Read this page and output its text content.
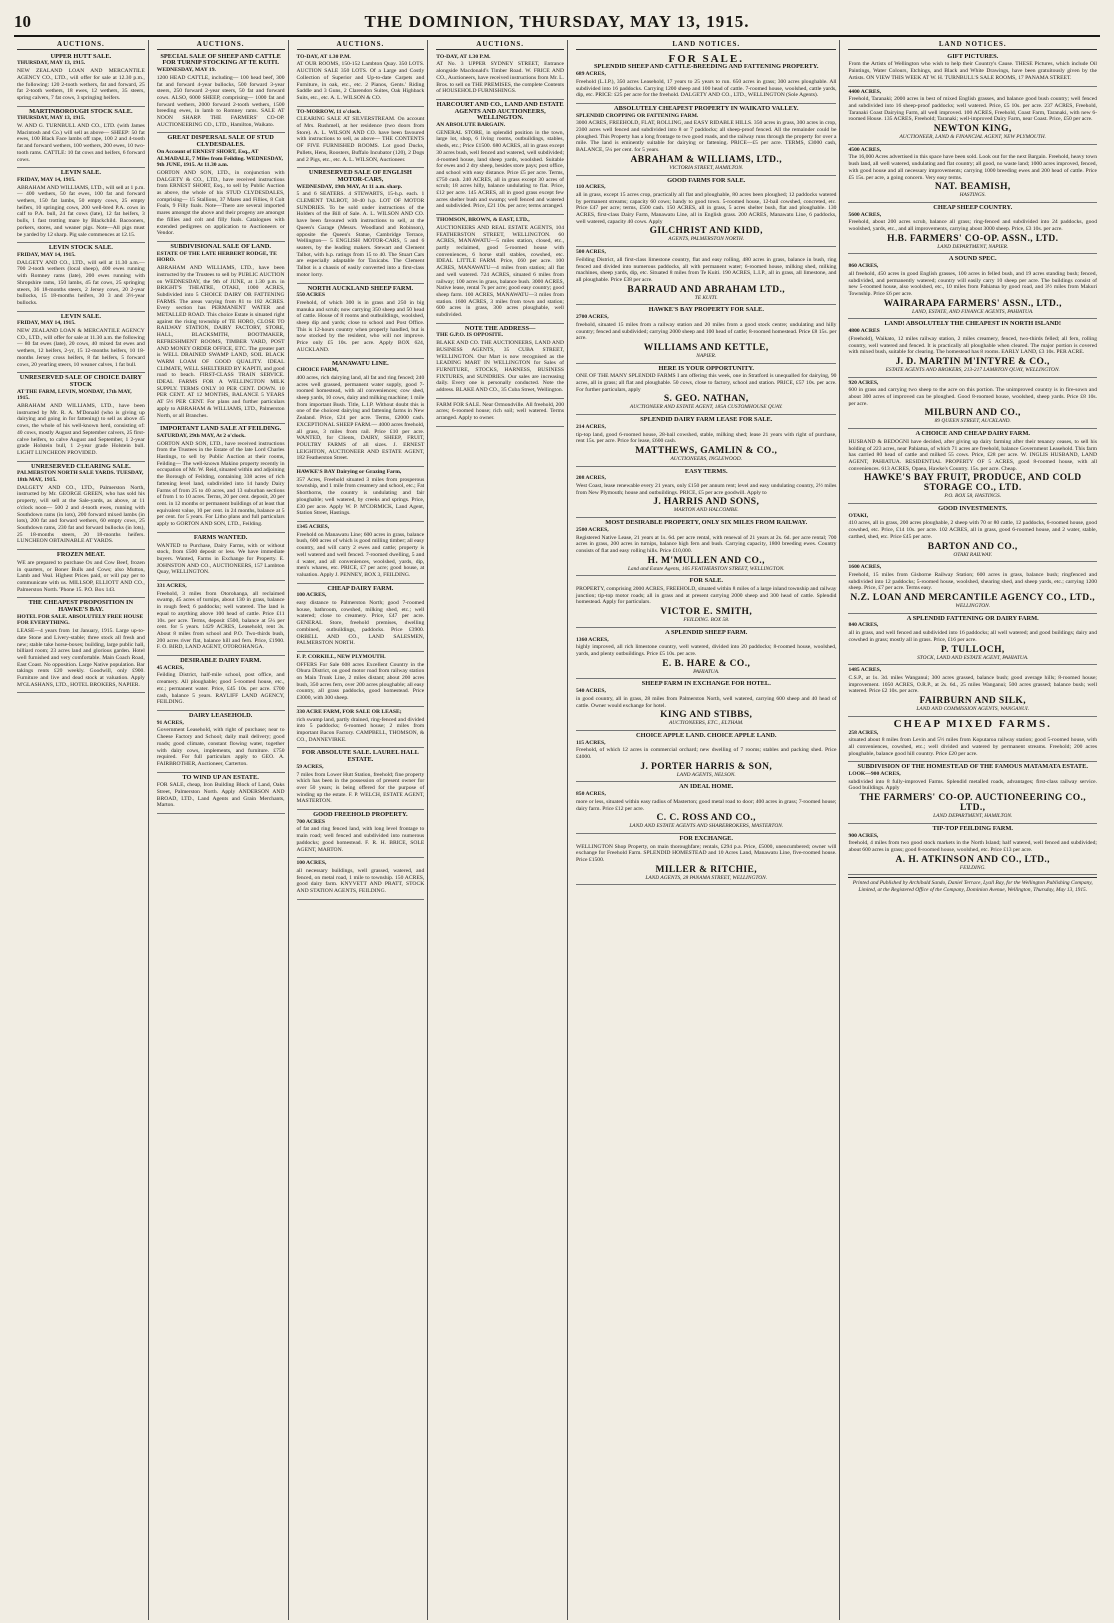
10	THE DOMINION, THURSDAY, MAY 13, 1915.
AUCTIONS.
UPPER HUTT SALE.
THURSDAY, MAY 13, 1915.
NEW ZEALAND LOAN AND MERCANTILE AGENCY CO., LTD., will offer for sale at 12.30 p.m., the following: 120 2-tooth wethers, fat and forward, 25 fat 2-tooth wethers, 18 ewes, 12 wethers, 35 steers, spring calvers, 7 fat cows, 3 springing heifers.
MARTINBOROUGH STOCK SALE.
THURSDAY, MAY 13, 1915.
W. AND G. TURNBULL AND CO., LTD. (with James Macintosh and Co.) will sell as above— SHEEP: 50 fat ewes, 100 Black Face lambs off rape, 100 2 and 4-tooth fat and forward wethers, 100 wethers, 200 ewes, 10 two-tooth rams. CATTLE: 10 fat cows and heifers, 6 forward cows.
LEVIN SALE.
FRIDAY, MAY 14, 1915.
ABRAHAM AND WILLIAMS, LTD., will sell at 1 p.m.— 400 wethers, 50 fat ewes, 100 fat and forward wethers, 150 fat lambs, 50 empty cows, 25 empty heifers, 10 springing cows, 200 well-bred P.A. cows in calf to P.A. bull, 24 fat cows (late), 12 fat heifers, 3 bulls, 1 fast trotting mare by Blackchild. Bacooners, porkers, stores, and weaner pigs. Note—All pigs must be yarded by 12 sharp. Pig sale commences at 12.15.
LEVIN STOCK SALE.
FRIDAY, MAY 14, 1915.
DALGETY AND CO., LTD., will sell at 11.30 a.m.— 700 2-tooth wethers (local sheep), 400 ewes running with Romney rams (late), 200 ewes running with Shropshire rams, 150 lambs, 45 fat cows, 25 springing steers, 36 18-months steers, 2 Jersey cows, 20 2-year bullocks, 15 18-months heifers, 30 3 and 3½-year bullocks.
LEVIN SALE.
FRIDAY, MAY 14, 1915.
NEW ZEALAND LOAN & MERCANTILE AGENCY CO., LTD., will offer for sale at 11.30 a.m. the following— 80 fat ewes (late), 20 cows, 40 mixed fat ewes and wethers, 12 heifers, 2-yr, 15 12-months heifers, 10 18-months Jersey cross heifers, 8 fat heifers, 5 forward cows, 20 yearling steers, 10 weaner calves, 1 fat bull.
UNRESERVED SALE OF CHOICE DAIRY STOCK
AT THE FARM, LEVIN, MONDAY, 17th MAY, 1915.
ABRAHAM AND WILLIAMS, LTD., have been instructed by Mr. R. A. M'Donald (who is giving up dairying and going in for fattening) to sell as above 45 cows, the whole of his well-known herd, consisting of: 40 cows, mostly August and September calvers, 25 first-calve heifers, to calve August and September, 1 2-year grade Holstein bull, 1 2-year grade Holstein bull. LIGHT LUNCHEON PROVIDED.
UNRESERVED CLEARING SALE.
PALMERSTON NORTH SALE YARDS. TUESDAY, 18th MAY, 1915.
DALGETY AND CO., LTD., Palmerston North, instructed by Mr. GEORGE GREEN, who has sold his property, will sell at the Sale-yards, as above, at 11 o'clock noon— 500 2 and 4-tooth ewes, running with Southdown rams (in lots), 200 forward mixed lambs (in lots), 200 fat and forward wethers, 60 empty cows, 25 Southdown rams, 230 fat and forward bullocks (in lots), 25 18-months steers, 20 18-months heifers. LUNCHEON OBTAINABLE AT YARDS.
FROZEN MEAT.
WE are prepared to purchase Ox and Cow Beef, frozen in quarters, or Boner Bulls and Cows; also Mutton, Lamb and Veal. Highest Prices paid, or will pay per to communicate with us. MILLSOP, ELLIOTT AND CO., Palmerston North. 'Phone 15. P.O. Box 143.
THE CHEAPEST PROPOSITION IN HAWKE'S BAY.
HOTEL FOR SALE. ABSOLUTELY FREE HOUSE FOR EVERYTHING.
LEASE—4 years from 1st January, 1915. Large up-to-date Stone and Livery-stable; three stock all fresh and new; stable take horse-boxes; building, large public hall, billiard room; 23 acres land and glorious garden. Hotel well furnished and very comfortable. Main Coach Road, East Coast. No opposition. Large Native population. Bar takings rents £20 weekly. Goodwill, only £900. Furniture and live and dead stock at valuation. Apply M'GLASHANS, LTD., HOTEL BROKERS, NAPIER.
AUCTIONS.
SPECIAL SALE OF SHEEP AND CATTLE FOR TURNIP STOCKING AT TE KUITI.
WEDNESDAY, MAY 19.
1200 HEAD CATTLE, including— 100 head beef, 300 fat and forward 4-year bullocks, 500 forward 3-year steers, 250 forward 2-year steers, 50 fat and forward cows. ALSO, 6000 SHEEP, comprising— 1000 fat and forward wethers, 2000 forward 2-tooth wethers, 1500 breeding ewes, in lamb to Romney rams. SALE AT NOON SHARP. THE FARMERS' CO-OP. AUCTIONEERING CO., LTD., Hamilton, Waikato.
GREAT DISPERSAL SALE OF STUD CLYDESDALES.
On Account of ERNEST SHORT, Esq., AT ALMADALE, 7 Miles from Feilding. WEDNESDAY, 9th JUNE, 1915. At 11.30 a.m.
GORTON AND SON, LTD., in conjunction with DALGETY & CO., LTD., have received instructions from ERNEST SHORT, Esq., to sell by Public Auction as above, the whole of his STUD CLYDESDALES, comprising— 15 Stallions, 37 Mares and Fillies, 8 Colt Foals, 9 Filly foals. Note—There are several imported mares amongst the above and their progeny are amongst the fillies and colt and filly foals. Catalogues with extended pedigrees on application to Auctioneers or Vendor.
SUBDIVISIONAL SALE OF LAND.
ESTATE OF THE LATE HERBERT RODGE, TE HORO.
ABRAHAM AND WILLIAMS, LTD., have been instructed by the Trustees to sell by PUBLIC AUCTION on WEDNESDAY, the 9th of JUNE, at 1.30 p.m. in BRIGHT'S THEATRE, OTAKI, 1000 ACRES, Subdivided into 5 CHOICE DAIRY OR FATTENING FARMS. The areas varying from 81 to 182 ACRES. Every section has PERMANENT WATER and METALLED ROAD. This choice Estate is situated right against the rising township of TE HORO, CLOSE TO RAILWAY STATION, DAIRY FACTORY, STORE, HALL, BLACKSMITH, BOOTMAKER, REFRESHMENT ROOMS, TIMBER YARD, POST AND MONEY ORDER OFFICE, ETC. The greater part is WELL DRAINED SWAMP LAND, SOIL BLACK WARM LOAM OF GOOD QUALITY. IDEAL CLIMATE, WELL SHELTERED BY KAPITI, and good road to beach. FIRST-CLASS TRAIN SERVICE. IDEAL FARMS FOR A WELLINGTON MILK SUPPLY. TERMS ONLY 10 PER CENT. DOWN. 10 PER CENT. AT 12 MONTHS, BALANCE 5 YEARS AT 5½ PER CENT. For plans and further particulars apply to ABRAHAM & WILLIAMS, LTD., Palmerston North, or all Branches.
IMPORTANT LAND SALE AT FEILDING.
SATURDAY, 29th MAY, At 2 o'clock.
GORTON AND SON, LTD., have received instructions from the Trustees in the Estate of the late Lord Charles Hastings, to sell by Public Auction at their rooms, Feilding— The well-known Makino property recently in occupation of Mr. W. Reid, situated within and adjoining the Borough of Feilding, containing 338 acres of rich fattening level land, subdivided into 14 handy Dairy Farms of from 25 to 40 acres, and 13 suburban sections of from 1 to 10 acres. Terms, 20 per cent. deposit, 20 per cent. in 12 months or permanent buildings of at least that equivalent value, 10 per cent. in 24 months, balance at 5 per cent. for 5 years. For Litho plans and full particulars apply to GORTON AND SON, LTD., Feilding.
FARMS WANTED.
WANTED to Purchase, Dairy Farms, with or without stock, from £500 deposit or less. We have immediate buyers. Wanted, Farms in Exchange for Property. E. JOHNSTON AND CO., AUCTIONEERS, 157 Lambton Quay, WELLINGTON.
331 ACRES,
Freehold, 3 miles from Otorohanga, all reclaimed swamp, 45 acres of turnips, about 130 in grass, balance in rough feed; 6 paddocks; well watered. The land is equal to anything above 100 head of cattle. Price £11 10s. per acre. Terms, deposit £500, balance at 5¼ per cent. for 5 years. 1429 ACRES, Leasehold, rent 3s. About 8 miles from school and P.O. Two-thirds bush, 200 acres river flat, balance hill and fern. Price, £1900. F. O. BIRD, LAND AGENT, OTOROHANGA.
DESIRABLE DAIRY FARM.
45 ACRES,
Feilding District, half-mile school, post office, and creamery. All ploughable; good 5-roomed house, etc., etc.; permanent water. Price, £45 10s. per acre. £700 cash, balance 5 years. RAYLIFF LAND AGENCY, FEILDING.
DAIRY LEASEHOLD.
91 ACRES,
Government Leasehold, with right of purchase; near to Cheese Factory and School; daily mail delivery; good roads; good climate, constant flowing water, together with dairy cows, implements, and furniture. £750 required. For full particulars apply to GEO. A. FAIRBROTHER, Auctioneer, Carterton.
TO WIND UP AN ESTATE.
FOR SALE, cheap, Iron Building Block of Land, Oaks Street, Palmerston North. Apply ANDERSON AND BROAD, LTD., Land Agents and Grain Merchants, Marton.
AUCTIONS.
TO-DAY, AT 1.30 P.M.
AT OUR ROOMS, 150-152 Lambton Quay. 350 LOTS. AUCTION SALE 350 LOTS. Of a Large and Costly Collection of Superior and Up-to-date Carpets and Furniture, in oak, etc., etc. 2 Pianos, Gents.' Riding Saddle and 3 Guns, 2 Clarendon Suites, Oak Highback Suits, etc., etc. A. L. WILSON & CO.
TO-MORROW, 11 o'clock.
CLEARING SALE AT SILVERSTREAM. On account of Mrs. Rushmell, at her residence (two doors from Store). A. L. WILSON AND CO. have been favoured with instructions to sell, as above— THE CONTENTS OF FIVE FURNISHED ROOMS. Lot good Ducks, Pullets, Hens, Roosters, Buffalo Incubator (120), 2 Dogs and 2 Pigs, etc., etc. A. L. WILSON, Auctioneer.
UNRESERVED SALE OF ENGLISH MOTOR-CARS,
WEDNESDAY, 19th MAY, At 11 a.m. sharp.
5 and 6 SEATERS. 4 STEWARTS, 15-h.p. each. 1 CLEMENT TALBOT, 30-40 h.p. LOT OF MOTOR SUNDRIES. To be sold under instructions of the Holders of the Bill of Sale. A. L. WILSON AND CO. have been favoured with instructions to sell, at the Queen's Garage (Messrs. Woodland and Robinson), opposite the Queen's Statue, Cambridge Terrace, Wellington— 5 ENGLISH MOTOR-CARS, 5 and 6 seaters, by the leading makers. Stewart and Clement Talbot, with h.p. ratings from 15 to 40. The Stuart Cars are especially adaptable for Taxicabs. The Clement Talbot is a chassis of easily converted into a first-class motor lorry.
NORTH AUCKLAND SHEEP FARM.
550 ACRES
Freehold, of which 300 is in grass and 250 in big manuka and scrub; now carrying 350 sheep and 50 head of cattle. House of 8 rooms and outbuildings, woolshed, sheep dip and yards; close to school and Post Office. This is 12-hours country when properly handled, but is now stocked by the resident, who will not improve. Price only £5 10s. per acre. Apply BOX 624, AUCKLAND.
MANAWATU LINE.
CHOICE FARM,
400 acres, rich dairying land, all fat and ring fenced; 240 acres well grassed, permanent water supply, good 7-roomed homestead, with all conveniences; cow shed, sheep yards, 10 cows, dairy and milking machine; 1 mile from important Bush. Title, L.I.P. Without doubt this is one of the choicest dairying and fattening farms in New Zealand. Price, £24 per acre. Terms, £2000 cash. EXCEPTIONAL SHEEP FARM.— 4000 acres freehold, all grass, 3 miles from rail. Price £10 per acre. WANTED, for Clients, DAIRY, SHEEP, FRUIT, POULTRY FARMS of all sizes. J. ERNEST LEIGHTON, AUCTIONEER AND ESTATE AGENT, 182 Featherston Street.
HAWKE'S BAY Dairying or Grazing Farm,
357 Acres, Freehold situated 3 miles from prosperous township, and 1 mile from creamery and school, etc.; Fat Shorthorns, the country is undulating and fair ploughable; well watered, by creeks and springs. Price, £30 per acre. Apply W. P. M'CORMICK, Land Agent, Station Street, Hastings.
1345 ACRES,
Freehold on Manawatu Line; 600 acres in grass, balance bush, 600 acres of which is good milling timber; all easy country, and will carry 2 ewes and cattle; property is well watered and well fenced. 7-roomed dwelling, 5 and 4 water, and all conveniences, woolshed, yards, dip, men's whares, etc. PRICE, £7 per acre; good house, at valuation. Apply J. PENNEY, BOX 3, FEILDING.
CHEAP DAIRY FARM.
100 ACRES,
easy distance to Palmerston North; good 7-roomed house, bathroom, cowshed, milking shed, etc.; well watered; close to creamery. Price, £47 per acre. GENERAL Store, freehold premises, dwelling combined, outbuildings, paddocks. Price £3900. ORBELL AND CO., LAND SALESMEN, PALMERSTON NORTH.
F. P. CORKILL, NEW PLYMOUTH.
OFFERS For Sale 608 acres Excellent Country in the Ohura District, on good motor road from railway station on Main Trunk Line, 2 miles distant; about 200 acres bush, 350 acres fern, over 200 acres ploughable; all easy country, all grass paddocks, good homestead. Price £3000, with 300 sheep.
330 ACRE FARM, FOR SALE OR LEASE;
rich swamp land, partly drained, ring-fenced and divided into 5 paddocks; 6-roomed house; 2 miles from important Bacon Factory. CAMPBELL, THOMSON, & CO., DANNEVIRKE.
FOR ABSOLUTE SALE. LAUREL HALL ESTATE.
59 ACRES,
7 miles from Lower Hutt Station, freehold; fine property which has been in the possession of present owner for over 50 years; is being offered for the purpose of winding up the estate. F. P. WELCH, ESTATE AGENT, MASTERTON.
GOOD FREEHOLD PROPERTY.
700 ACRES
of fat and ring fenced land, with long level frontage to main road; well fenced and subdivided into numerous paddocks; good homestead. F. R. H. BRICE, SOLE AGENT, MARTON.
100 ACRES,
all necessary buildings, well grassed, watered, and fenced, on metal road, 1 mile to township. 150 ACRES, good dairy farm. KNYVETT AND PRATT, STOCK AND STATION AGENTS, FEILDING.
AUCTIONS.
TO-DAY, AT 1.30 P.M.
AT No. 3 UPPER SYDNEY STREET, Entrance alongside Macdonald's Timber Road. W. FRICE AND CO., Auctioneers, have received instructions from Mr. L. Bros. to sell on THE PREMISES, the complete Contents of HOUSEHOLD FURNISHINGS.
HARCOURT AND CO., LAND AND ESTATE AGENTS AND AUCTIONEERS, WELLINGTON.
AN ABSOLUTE BARGAIN.
GENERAL STORE, in splendid position in the town, large lot, shop, 6 living rooms, outbuildings, stables, sheds, etc.; Price £1500. 680 ACRES, all in grass except 30 acres bush, well fenced and watered, well subdivided; 4-roomed house, land sheep yards, woolshed. Suitable for ewes and 2 dry sheep, besides store pays; post office, and school with easy distance. Price £5 per acre. Terms, £750 cash. 240 ACRES, all in grass except 30 acres of scrub; 18 acres hilly, balance undulating to flat. Price, £12 per acre. 145 ACRES, all in good grass except few acres shelter bush and swamp; well fenced and watered and subdivided. Price, £21 10s. per acre; terms arranged.
THOMSON, BROWN, & EAST, LTD.,
AUCTIONEERS AND REAL ESTATE AGENTS, 104 FEATHERSTON STREET, WELLINGTON. 60 ACRES, MANAWATU—5 miles station, closed, etc., partly reclaimed, good 5-roomed house with conveniences, 6 horse stall stables, cowshed, etc. IDEAL LITTLE FARM. Price, £60 per acre. 100 ACRES, MANAWATU—4 miles from station; all flat and well watered. 724 ACRES, situated 6 miles from railway; 100 acres in grass, balance bush. 3000 ACRES, Native lease, rental 7s per acre; good easy country; good sheep farm. 100 ACRES, MANAWATU—3 miles from station. 1600 ACRES, 3 miles from town and station; 600 acres in grass, 300 acres ploughable, well subdivided.
NOTE THE ADDRESS—
THE G.P.O. IS OPPOSITE.
BLAKE AND CO. THE AUCTIONEERS, LAND AND BUSINESS AGENTS, 35 CUBA STREET, WELLINGTON. Our Mart is now recognised as the LEADING MART IN WELLINGTON for Sales of FURNITURE, STOCKS, HARNESS, BUSINESS FIXTURES, and SUNDRIES. Our sales are increasing daily. Every one is personally conducted. Note the address. BLAKE AND CO., 35 Cuba Street, Wellington.
FARM FOR SALE. Near Ormondville. All freehold, 200 acres; 6-roomed house; rich soil; well watered. Terms arranged. Apply to owner.
LAND NOTICES.
FOR SALE.
SPLENDID SHEEP AND CATTLE-BREEDING AND FATTENING PROPERTY.
689 ACRES,
Freehold (L.I.P.), 350 acres Leasehold, 17 years to 25 years to run. 650 acres in grass; 300 acres ploughable. All subdivided into 16 paddocks. Carrying 1200 sheep and 100 head of cattle. 7-roomed house, woolshed, cattle yards, dip, etc. PRICE: £25 per acre for the freehold. DALGETY AND CO., LTD., WELLINGTON (Sole Agents).
ABSOLUTELY CHEAPEST PROPERTY IN WAIKATO VALLEY.
SPLENDID CROPPING OR FATTENING FARM.
3000 ACRES, FREEHOLD, FLAT, ROLLING, and EASY RIDABLE HILLS. 350 acres in grass, 300 acres in crop, 2300 acres well fenced and subdivided into 8 or 7 paddocks; all sheep-proof fenced. All the remainder could be ploughed. This Property has a long frontage to two good roads, and the railway runs through the property for over a mile. The land is eminently suitable for dairying or fattening. PRICE—£5 per acre. TERMS, £3000 cash, BALANCE, 5¼ per cent. for 5 years.
ABRAHAM & WILLIAMS, LTD.,
VICTORIA STREET, HAMILTON.
GOOD FARMS FOR SALE.
110 ACRES,
all in grass, except 15 acres crop, practically all flat and ploughable, 80 acres been ploughed; 12 paddocks watered by permanent streams; capacity 60 cows; handy to good town. 5-roomed house, 12-bail cowshed, concreted, etc. Price £47 per acre; terms, £500 cash. 150 ACRES, all in grass, 5 acres shelter bush, flat and ploughable. 130 ACRES, first-class Dairy Farm, Manawatu Line, all in English grass. 200 ACRES, Manawatu Line, 6 paddocks, well watered, capacity 40 cows. Apply
GILCHRIST AND KIDD,
AGENTS, PALMERSTON NORTH.
500 ACRES,
Feilding District, all first-class limestone country, flat and easy rolling, 480 acres in grass, balance in bush, ring fenced and divided into numerous paddocks, all with permanent water; 6-roomed house, milking shed, milking machines, sheep yards, dip, etc. Situated 8 miles from Te Kuiti. 190 ACRES, L.I.P., all in grass, all limestone, and all ploughable. Price £38 per acre.
BARRAUD AND ABRAHAM LTD.,
TE KUITI.
HAWKE'S BAY PROPERTY FOR SALE.
2700 ACRES,
freehold, situated 15 miles from a railway station and 20 miles from a good stock centre; undulating and hilly country; fenced and subdivided; carrying 2000 sheep and 100 head of cattle; 8-roomed homestead. Price £8 15s. per acre.
WILLIAMS AND KETTLE,
NAPIER.
HERE IS YOUR OPPORTUNITY.
ONE OF THE MANY SPLENDID FARMS I am offering this week, one in Stratford is unequalled for dairying, 90 acres, all in grass; all flat and ploughable. 50 cows, close to factory, school and station. PRICE, £57 10s. per acre. For further particulars, apply
S. GEO. NATHAN,
AUCTIONEER AND ESTATE AGENT, 185A CUSTOMHOUSE QUAY.
SPLENDID DAIRY FARM LEASE FOR SALE.
214 ACRES,
tip-top land, good 6-roomed house, 28-bail cowshed, stable, milking shed; lease 21 years with right of purchase, rent 15s. per acre. Price for lease, £600 cash.
MATTHEWS, GAMLIN & CO.,
AUCTIONEERS, INGLEWOOD.
EASY TERMS.
208 ACRES,
West Coast, lease renewable every 21 years, only £150 per annum rent; level and easy undulating country, 2½ miles from New Plymouth; house and outbuildings. PRICE, £5 per acre goodwill. Apply to
J. HARRIS AND SONS,
MARTON AND HALCOMBE.
MOST DESIRABLE PROPERTY, ONLY SIX MILES FROM RAILWAY.
2500 ACRES,
Registered Native Lease, 21 years at 1s. 6d. per acre rental, with renewal of 21 years at 2s. 6d. per acre rental; 700 acres in grass, 200 acres in turnips, balance high fern and bush. Carrying capacity, 1800 breeding ewes. Country consists of flat and easy rolling hills. Price £10,000.
H. M'MULLEN AND CO.,
Land and Estate Agents, 105 FEATHERSTON STREET, WELLINGTON.
FOR SALE.
PROPERTY, comprising 2000 ACRES, FREEHOLD, situated within 8 miles of a large inland township and railway junction; tip-top motor roads; all in grass and at present carrying 2000 sheep and 300 head of cattle. Splendid homestead. Apply for particulars.
VICTOR E. SMITH,
FEILDING. BOX 58.
A SPLENDID SHEEP FARM.
1360 ACRES,
highly improved, all rich limestone country, well watered, divided into 20 paddocks; 8-roomed house, woolshed, yards, and plenty outbuildings. Price £5 10s. per acre.
E. B. HARE & CO.,
PAHIATUA.
SHEEP FARM IN EXCHANGE FOR HOTEL.
540 ACRES,
in good country, all in grass, 28 miles from Palmerston North, well watered, carrying 600 sheep and 40 head of cattle. Owner would exchange for hotel.
KING AND STIBBS,
AUCTIONEERS, ETC., ELTHAM.
CHOICE APPLE LAND. CHOICE APPLE LAND.
115 ACRES,
Freehold, of which 12 acres in commercial orchard; new dwelling of 7 rooms; stables and packing shed. Price £4000.
J. PORTER HARRIS & SON,
LAND AGENTS, NELSON.
AN IDEAL HOME.
850 ACRES,
more or less, situated within easy radius of Masterton; good metal road to door; 400 acres in grass; 7-roomed house; dairy farm. Price £12 per acre.
C. C. ROSS AND CO.,
LAND AND ESTATE AGENTS AND SHAREBROKERS, MASTERTON.
FOR EXCHANGE.
WELLINGTON Shop Property, on main thoroughfare; rentals, £294 p.a. Price, £5000, unencumbered; owner will exchange for Freehold Farm. SPLENDID HOMESTEAD and 10 Acres Land, Manawatu Line, five-roomed house. Price £1500.
MILLER & RITCHIE,
LAND AGENTS, 28 PANAMA STREET, WELLINGTON.
LAND NOTICES.
GIFT PICTURES.
From the Artists of Wellington who wish to help their Country's Cause. THESE Pictures, which include Oil Paintings, Water Colours, Etchings, and Black and White Drawings, have been gratuitously given by the Artists. ON VIEW THIS WEEK AT W. H. TURNBULL'S SALE ROOMS, 17 PANAMA STREET.
4400 ACRES,
Freehold, Taranaki; 2000 acres in best of mixed English grasses, and balance good bush country; well fenced and subdivided into 16 sheep-proof paddocks; well watered. Price, £5 10s. per acre. 237 ACRES, Freehold, Taranaki Coast Dairying Farm, all well improved. 100 ACRES, Freehold, Coast Farm, Taranaki, with new 6-roomed House. 135 ACRES, Freehold; Taranaki; well-improved Dairy Farm, near Coast. Price, £50 per acre.
NEWTON KING,
AUCTIONEER, LAND & FINANCIAL AGENT, NEW PLYMOUTH.
4500 ACRES,
The 16,000 Acres advertised in this space have been sold. Look out for the next Bargain. Freehold, heavy town bush land, all well watered, undulating and flat country; all good, no waste land; 1000 acres improved, fenced, with good house and all necessary improvements; carrying 1000 breeding ewes and 200 head of cattle. Price £5 15s. per acre, a going concern. Very easy terms.
NAT. BEAMISH,
HASTINGS.
CHEAP SHEEP COUNTRY.
5600 ACRES,
Freehold, about 200 acres scrub, balance all grass; ring-fenced and subdivided into 24 paddocks, good woolshed, yards, etc., and all improvements, carrying about 3000 sheep. Price, £3 10s. per acre.
H.B. FARMERS' CO-OP. ASSN., LTD.
LAND DEPARTMENT, NAPIER.
A SOUND SPEC.
860 ACRES,
all freehold, 450 acres in good English grasses, 100 acres in felled bush, and 19 acres standing bush; fenced, subdivided, and permanently watered; country will easily carry 10 sheep per acre. The buildings consist of new 5-roomed house, also woolshed, etc., 10 miles from Pahiatua by good road, and 3½ miles from Makuri Township. Price £6 per acre.
WAIRARAPA FARMERS' ASSN., LTD.,
LAND, ESTATE, AND FINANCE AGENTS, PAHIATUA.
LAND! ABSOLUTELY THE CHEAPEST IN NORTH ISLAND!
4800 ACRES
(Freehold), Waikato, 12 miles railway station, 2 miles creamery, fenced, two-thirds felled; all fern, rolling country, well watered and fenced. It is practically all ploughable when cleared. The major portion is covered with mixed bush, suitable for clearing. The homestead has 8 rooms. EARLY LAND, £3 10s. PER ACRE.
J. D. MARTIN M'INTYRE & CO.,
ESTATE AGENTS AND BROKERS, 213-217 LAMBTON QUAY, WELLINGTON.
920 ACRES,
600 in grass and carrying two sheep to the acre on this portion. The unimproved country is in fire-sown and about 300 acres of improved can be ploughed. Good 8-roomed house, woolshed, sheep yards. Price £8 10s. per acre.
MILBURN AND CO.,
89 QUEEN STREET, AUCKLAND.
A CHOICE AND CHEAP DAIRY FARM.
HUSBAND & BEDOGNI have decided, after giving up dairy farming after their tenancy ceases, to sell his holding of 223 acres, near Pahiatua, of which 71 acres are freehold, balance Government Leasehold. This farm has carried 80 head of cattle and milked 55 cows. Price, £28 per acre. W. INGLIS HUSBAND, LAND AGENT, PAHIATUA. RESIDENTIAL PROPERTY OF 5 ACRES, good 8-roomed house, with all conveniences. 613 ACRES, Opaea, Hawke's Country. 15s. per acre. Cheap.
HAWKE'S BAY FRUIT, PRODUCE, AND COLD STORAGE CO., LTD.
P.O. BOX 58, HASTINGS.
GOOD INVESTMENTS.
OTAKI,
410 acres, all in grass, 200 acres ploughable, 2 sheep with 70 or 80 cattle, 12 paddocks, 6-roomed house, good cowshed, etc. Price, £14 10s. per acre. 102 ACRES, all in grass, good 6-roomed house, and 2 water, stable, carthed, shed, etc. Price £45 per acre.
BARTON AND CO.,
OTAKI RAILWAY.
1600 ACRES,
Freehold, 15 miles from Gisborne Railway Station; 600 acres in grass, balance bush; ringfenced and subdivided into 12 paddocks; 5-roomed house, woolshed, shearing shed, and sheep yards, etc.; carrying 1200 sheep. Price, £7 per acre. Terms easy.
N.Z. LOAN AND MERCANTILE AGENCY CO., LTD.,
WELLINGTON.
A SPLENDID FATTENING OR DAIRY FARM.
840 ACRES,
all in grass, and well fenced and subdivided into 16 paddocks; all well watered; and good buildings; dairy and cowshed in grass; mostly all in grass. Price, £16 per acre.
P. TULLOCH,
STOCK, LAND AND ESTATE AGENT, PAHIATUA.
1485 ACRES,
C.S.P., at 1s. 3d. miles Wanganui; 300 acres grassed, balance bush; good average hills; 8-roomed house; improvement. 1050 ACRES, O.R.P., at 2s. 6d., 25 miles Wanganui; 500 acres grassed; balance bush; well watered. Price £2 10s. per acre.
FAIRBURN AND SILK,
LAND AND COMMISSION AGENTS, WANGANUI.
CHEAP MIXED FARMS.
258 ACRES,
situated about 8 miles from Levin and 5½ miles from Koputaroa railway station; good 5-roomed house, with all conveniences, cowshed, etc.; well divided and watered by permanent streams. Freehold; 200 acres ploughable, balance good hill country. Price £20 per acre.
SUBDIVISION OF THE HOMESTEAD OF THE FAMOUS MATAMATA ESTATE.
LOOK—900 ACRES,
subdivided into 8 fully-improved Farms. Splendid metalled roads, advantages; first-class railway service. Good buildings. Apply
THE FARMERS' CO-OP. AUCTIONEERING CO., LTD.,
LAND DEPARTMENT, HAMILTON.
TIP-TOP FEILDING FARM.
900 ACRES,
freehold, 4 miles from two good stock markets in the North Island; half watered, well fenced and subdivided; about 600 acres in grass; good 8-roomed house, woolshed, etc. Price £13 per acre.
A. H. ATKINSON AND CO., LTD.,
FEILDING.
Printed and Published by Archibald Sando, Daniel Terrace, Lyall Bay, for the Wellington Publishing Company, Limited, at the Registered Office of the Company, Dominion Avenue, Wellington, Thursday, May 13, 1915.
